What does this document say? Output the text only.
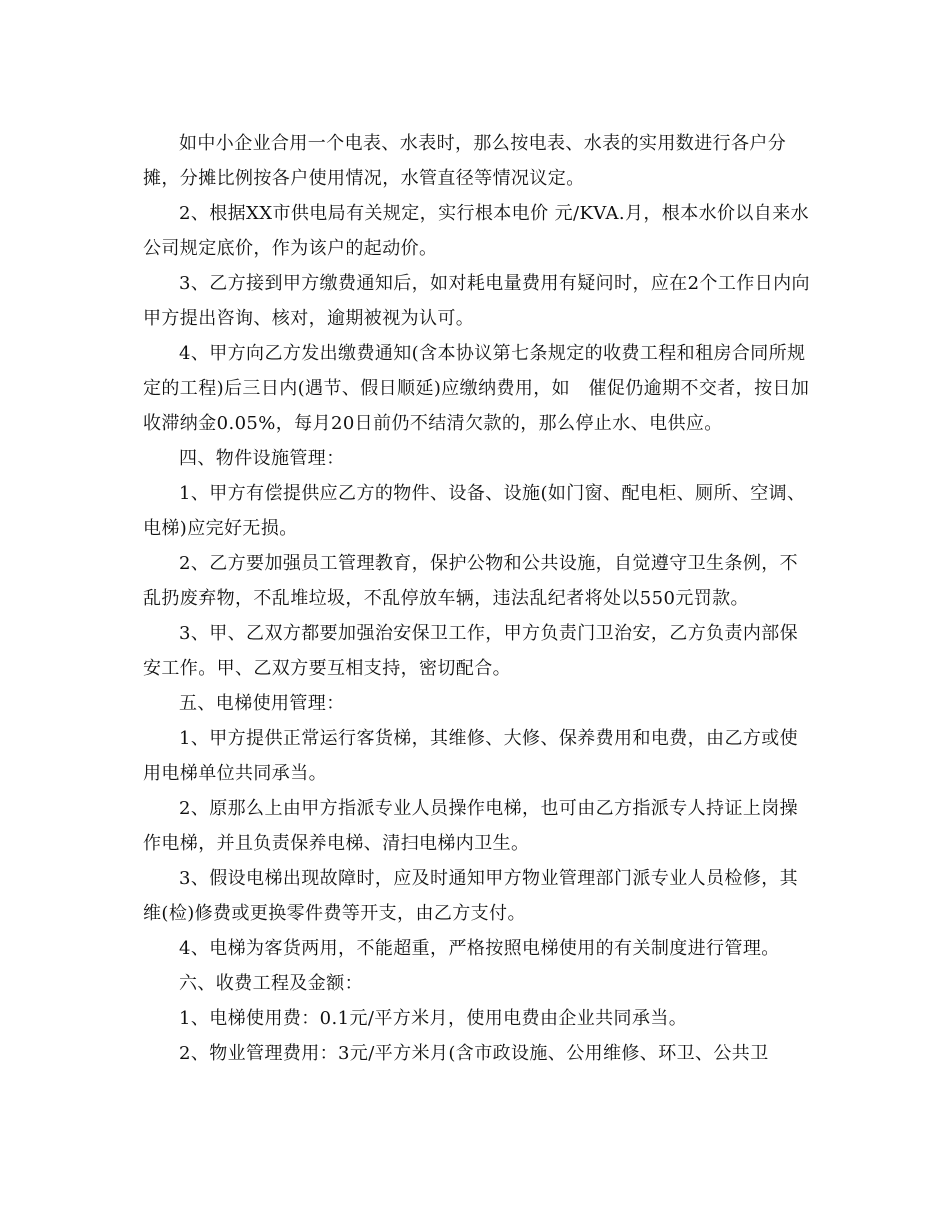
如中小企业合用一个电表、水表时，那么按电表、水表的实用数进行各户分摊，分摊比例按各户使用情况，水管直径等情况议定。

2、根据XX市供电局有关规定，实行根本电价 元/KVA.月，根本水价以自来水公司规定底价，作为该户的起动价。

3、乙方接到甲方缴费通知后，如对耗电量费用有疑问时，应在2个工作日内向甲方提出咨询、核对，逾期被视为认可。

4、甲方向乙方发出缴费通知(含本协议第七条规定的收费工程和租房合同所规定的工程)后三日内(遇节、假日顺延)应缴纳费用，如　催促仍逾期不交者，按日加收滞纳金0.05%，每月20日前仍不结清欠款的，那么停止水、电供应。

四、物件设施管理：

1、甲方有偿提供应乙方的物件、设备、设施(如门窗、配电柜、厕所、空调、电梯)应完好无损。

2、乙方要加强员工管理教育，保护公物和公共设施，自觉遵守卫生条例，不乱扔废弃物，不乱堆垃圾，不乱停放车辆，违法乱纪者将处以550元罚款。

3、甲、乙双方都要加强治安保卫工作，甲方负责门卫治安，乙方负责内部保安工作。甲、乙双方要互相支持，密切配合。

五、电梯使用管理：

1、甲方提供正常运行客货梯，其维修、大修、保养费用和电费，由乙方或使用电梯单位共同承当。

2、原那么上由甲方指派专业人员操作电梯，也可由乙方指派专人持证上岗操作电梯，并且负责保养电梯、清扫电梯内卫生。

3、假设电梯出现故障时，应及时通知甲方物业管理部门派专业人员检修，其维(检)修费或更换零件费等开支，由乙方支付。

4、电梯为客货两用，不能超重，严格按照电梯使用的有关制度进行管理。

六、收费工程及金额：

1、电梯使用费：0.1元/平方米月，使用电费由企业共同承当。

2、物业管理费用：3元/平方米月(含市政设施、公用维修、环卫、公共卫
